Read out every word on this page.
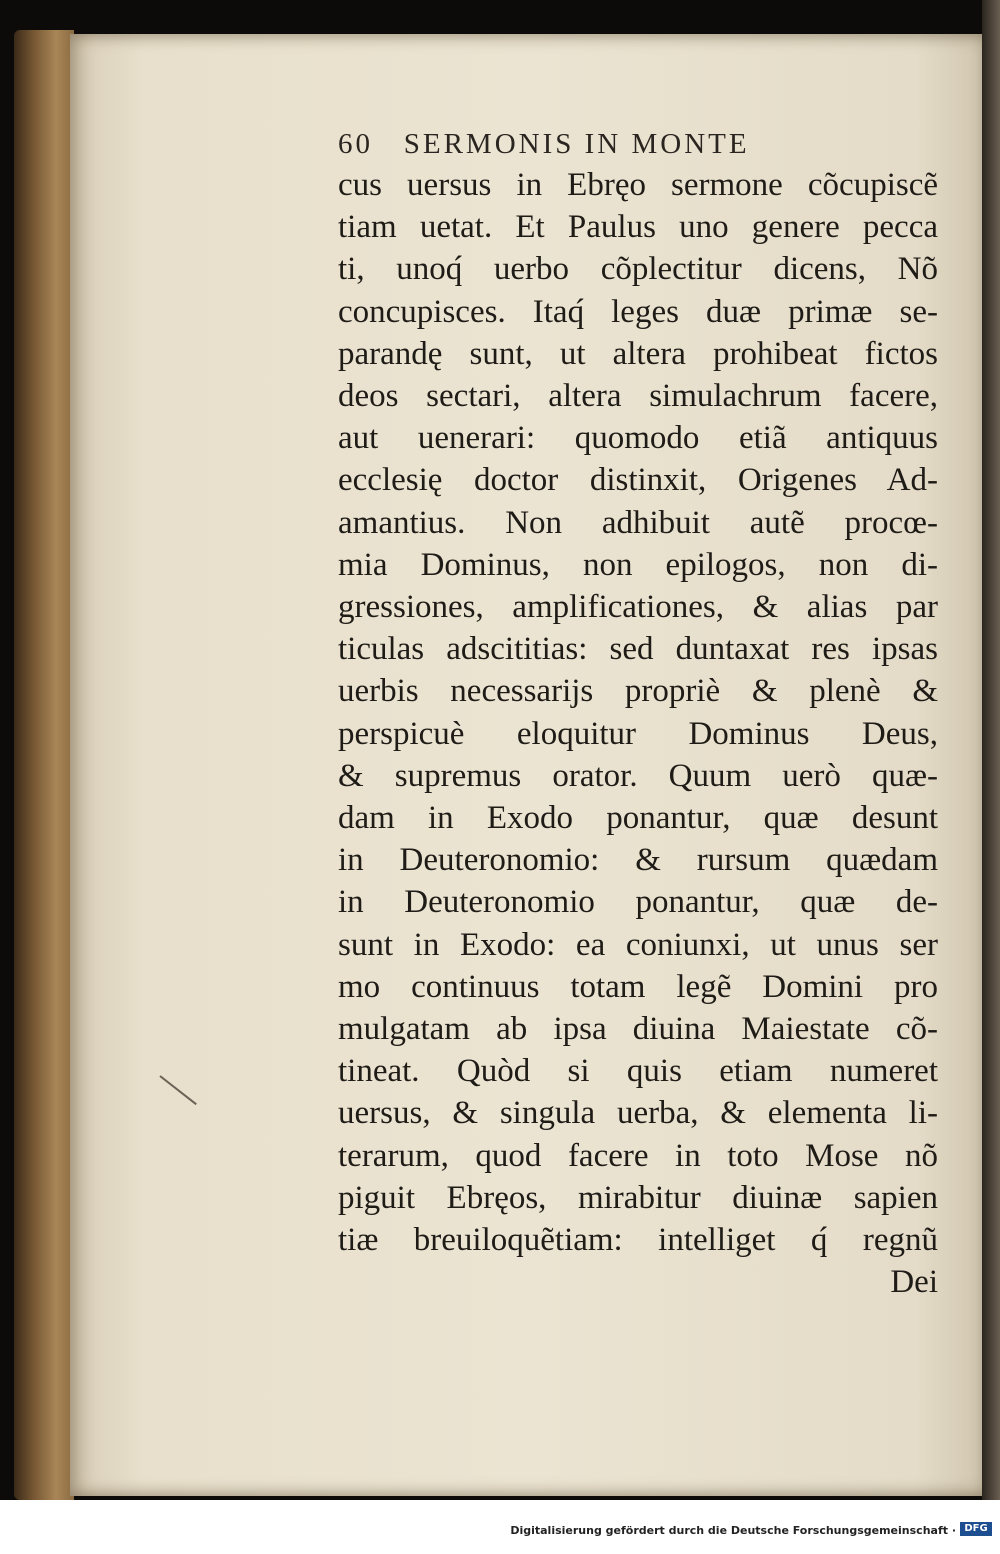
60 SERMONIS IN MONTE
cus uersus in Ebręo sermone cõcupiscẽ
tiam uetat. Et Paulus uno genere pecca
ti, unoq́ uerbo cõplectitur dicens, Nõ
concupisces. Itaq́ leges duæ primæ se-
parandę sunt, ut altera prohibeat fictos
deos sectari, altera simulachrum facere,
aut uenerari: quomodo etiã antiquus
ecclesię doctor distinxit, Origenes Ad-
amantius. Non adhibuit autẽ procœ-
mia Dominus, non epilogos, non di-
gressiones, amplificationes, & alias par
ticulas adscititias: sed duntaxat res ipsas
uerbis necessarijs propriè & plenè &
perspicuè eloquitur Dominus Deus,
& supremus orator. Quum uerò quæ-
dam in Exodo ponantur, quæ desunt
in Deuteronomio: & rursum quædam
in Deuteronomio ponantur, quæ de-
sunt in Exodo: ea coniunxi, ut unus ser
mo continuus totam legẽ Domini pro
mulgatam ab ipsa diuina Maiestate cõ-
tineat. Quòd si quis etiam numeret
uersus, & singula uerba, & elementa li-
terarum, quod facere in toto Mose nõ
piguit Ebręos, mirabitur diuinæ sapien
tiæ breuiloquẽtiam: intelliget q́ regnũ
Dei
Digitalisierung gefördert durch die Deutsche Forschungsgemeinschaft · DFG
